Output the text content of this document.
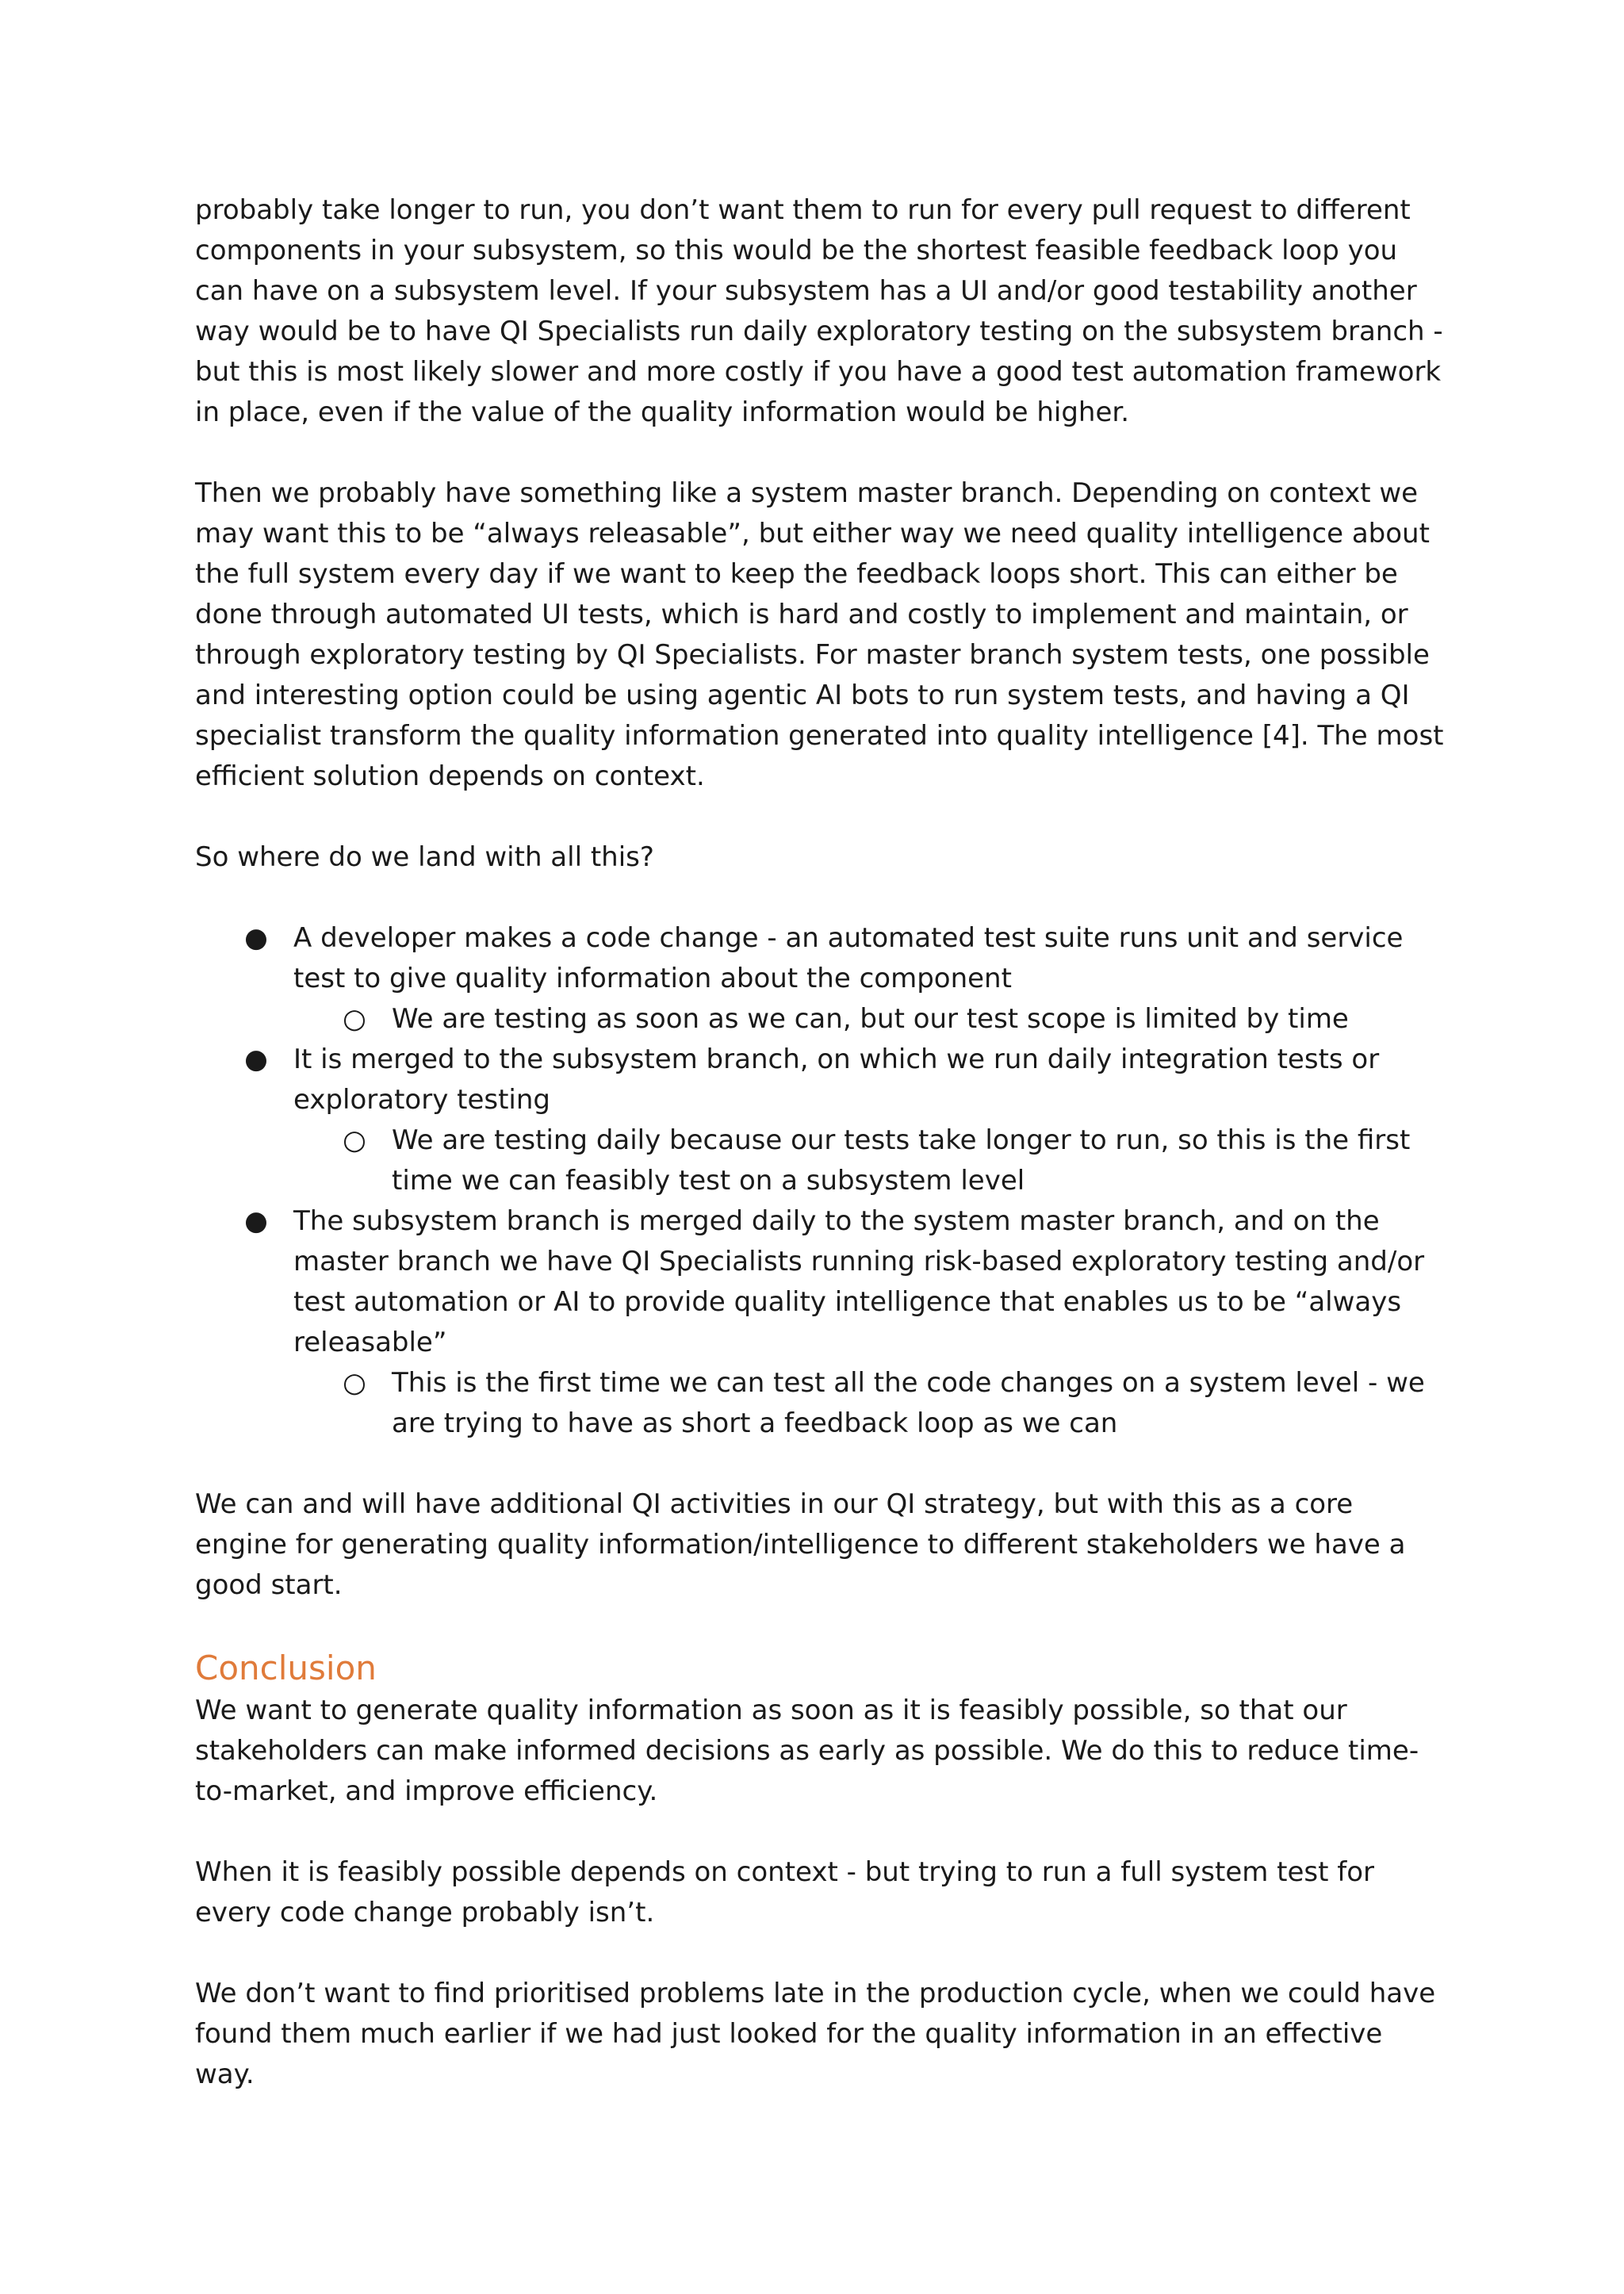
probably take longer to run, you don’t want them to run for every pull request to different components in your subsystem, so this would be the shortest feasible feedback loop you can have on a subsystem level. If your subsystem has a UI and/or good testability another way would be to have QI Specialists run daily exploratory testing on the subsystem branch - but this is most likely slower and more costly if you have a good test automation framework in place, even if the value of the quality information would be higher.

Then we probably have something like a system master branch. Depending on context we may want this to be “always releasable”, but either way we need quality intelligence about the full system every day if we want to keep the feedback loops short. This can either be done through automated UI tests, which is hard and costly to implement and maintain, or through exploratory testing by QI Specialists. For master branch system tests, one possible and interesting option could be using agentic AI bots to run system tests, and having a QI specialist transform the quality information generated into quality intelligence [4]. The most efficient solution depends on context.

So where do we land with all this?

● A developer makes a code change - an automated test suite runs unit and service test to give quality information about the component
○ We are testing as soon as we can, but our test scope is limited by time
● It is merged to the subsystem branch, on which we run daily integration tests or exploratory testing
○ We are testing daily because our tests take longer to run, so this is the first time we can feasibly test on a subsystem level
● The subsystem branch is merged daily to the system master branch, and on the master branch we have QI Specialists running risk-based exploratory testing and/or test automation or AI to provide quality intelligence that enables us to be “always releasable”
○ This is the first time we can test all the code changes on a system level - we are trying to have as short a feedback loop as we can

We can and will have additional QI activities in our QI strategy, but with this as a core engine for generating quality information/intelligence to different stakeholders we have a good start.

Conclusion

We want to generate quality information as soon as it is feasibly possible, so that our stakeholders can make informed decisions as early as possible. We do this to reduce time-to-market, and improve efficiency.

When it is feasibly possible depends on context - but trying to run a full system test for every code change probably isn’t.

We don’t want to find prioritised problems late in the production cycle, when we could have found them much earlier if we had just looked for the quality information in an effective way.
